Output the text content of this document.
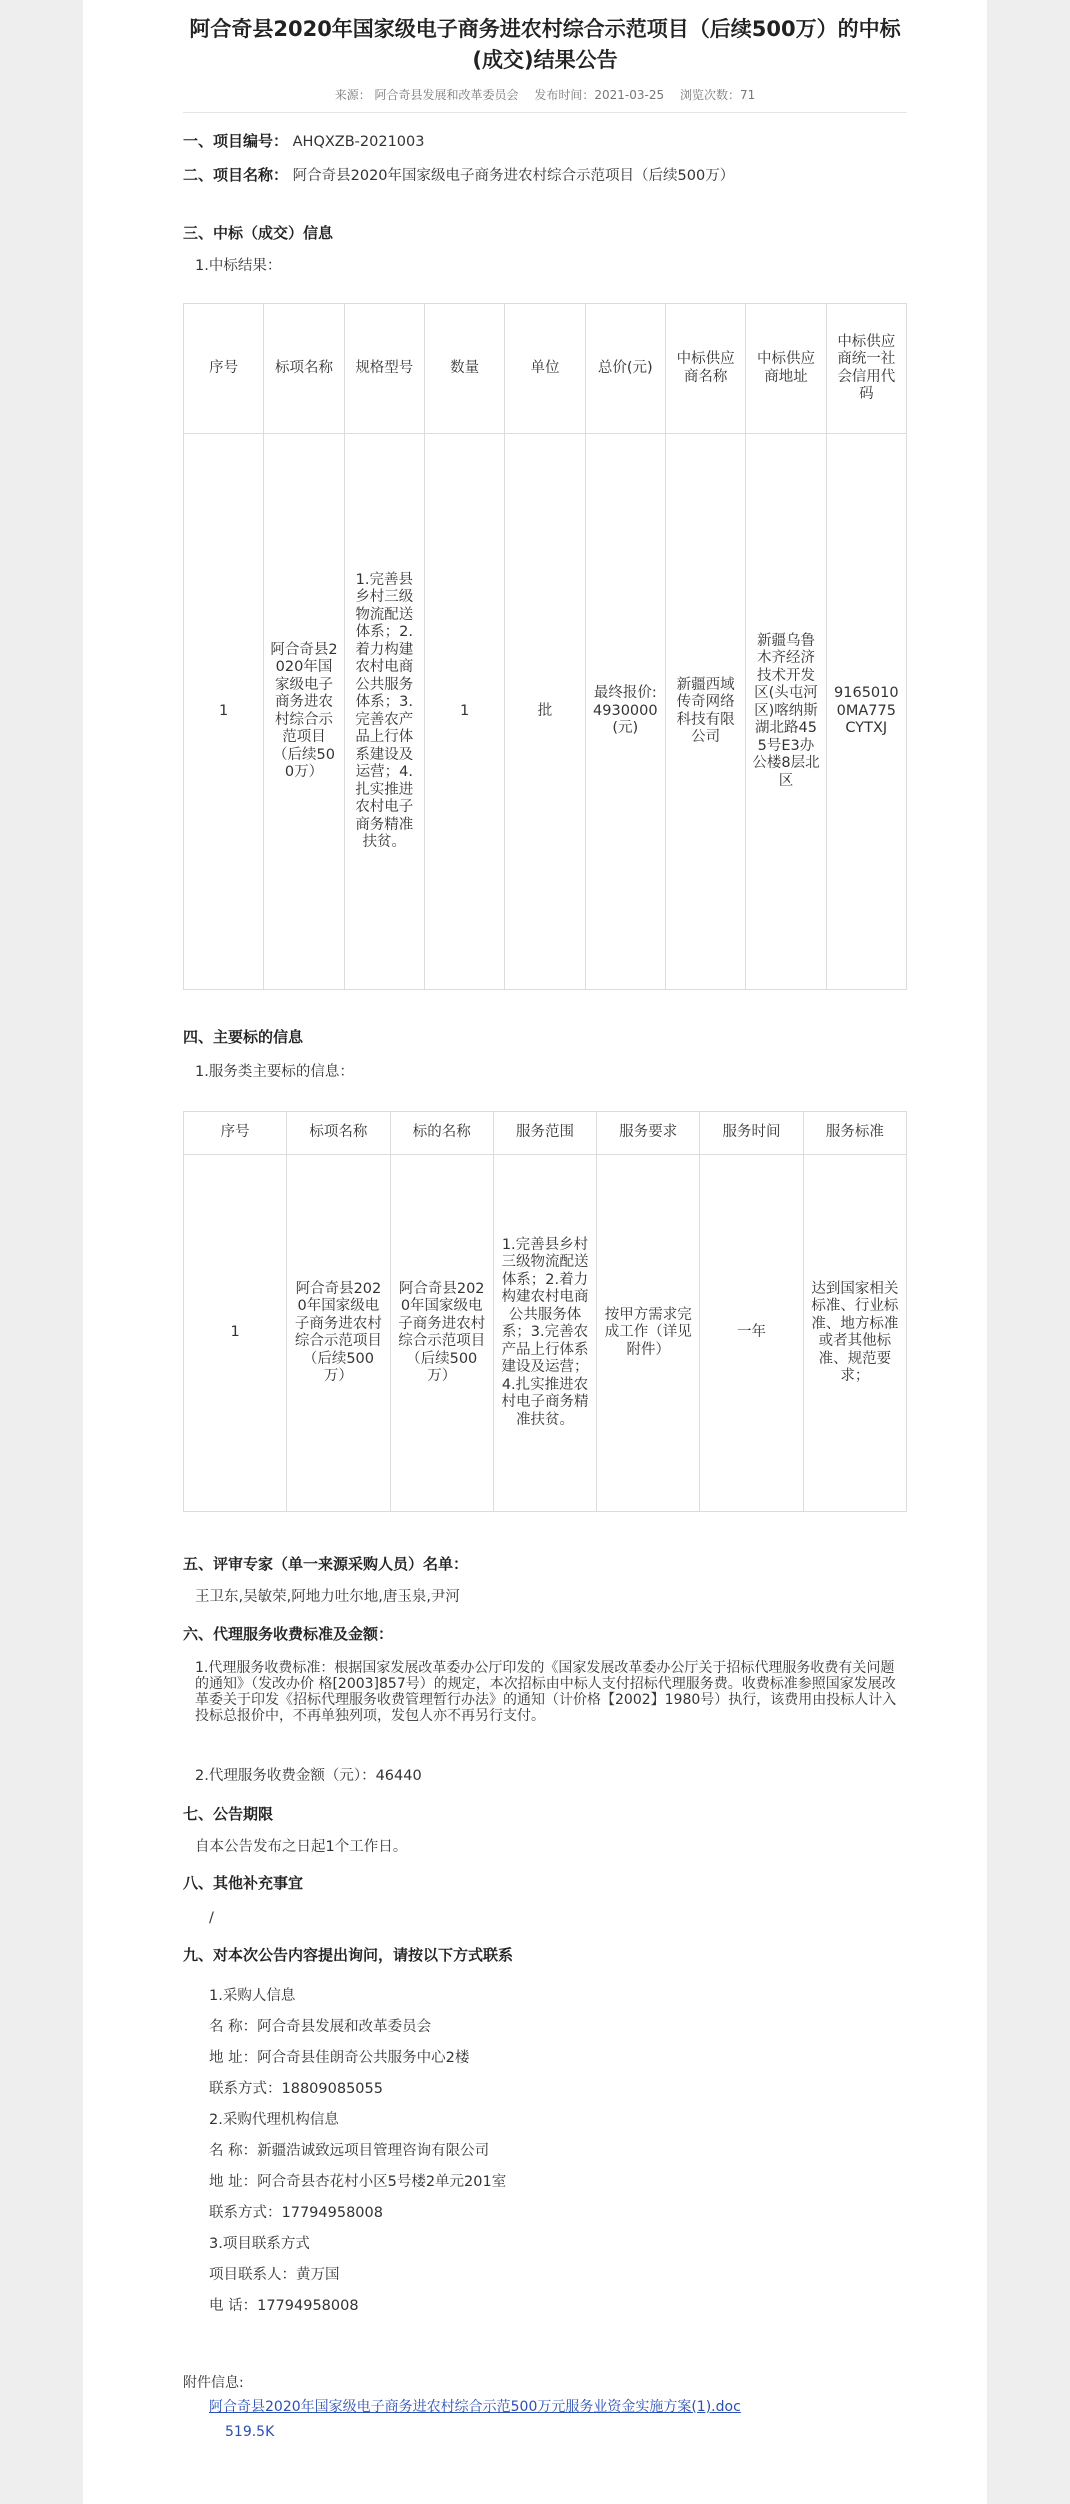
阿合奇县2020年国家级电子商务进农村综合示范项目（后续500万）的中标(成交)结果公告
来源： 阿合奇县发展和改革委员会 发布时间：2021-03-25 浏览次数：71
一、项目编号： AHQXZB-2021003
二、项目名称： 阿合奇县2020年国家级电子商务进农村综合示范项目（后续500万）
三、中标（成交）信息
1.中标结果：
序号	标项名称	规格型号	数量	单位	总价(元)	中标供应商名称	中标供应商地址	中标供应商统一社会信用代码
1	阿合奇县2020年国家级电子商务进农村综合示范项目（后续500万）	1.完善县乡村三级物流配送体系；2.着力构建农村电商公共服务体系；3.完善农产品上行体系建设及运营；4.扎实推进农村电子商务精准扶贫。	1	批	最终报价:4930000(元)	新疆西域传奇网络科技有限公司	新疆乌鲁木齐经济技术开发区(头屯河区)喀纳斯湖北路455号E3办公楼8层北区	91650100MA775CYTXJ
四、主要标的信息
1.服务类主要标的信息：
序号	标项名称	标的名称	服务范围	服务要求	服务时间	服务标准
1	阿合奇县2020年国家级电子商务进农村综合示范项目（后续500万）	阿合奇县2020年国家级电子商务进农村综合示范项目（后续500万）	1.完善县乡村三级物流配送体系；2.着力构建农村电商公共服务体系；3.完善农产品上行体系建设及运营；4.扎实推进农村电子商务精准扶贫。	按甲方需求完成工作（详见附件）	一年	达到国家相关标准、行业标准、地方标准或者其他标准、规范要求；
五、评审专家（单一来源采购人员）名单：
王卫东,吴敏荣,阿地力吐尔地,唐玉泉,尹河
六、代理服务收费标准及金额：
1.代理服务收费标准：根据国家发展改革委办公厅印发的《国家发展改革委办公厅关于招标代理服务收费有关问题的通知》（发改办价 格[2003]857号）的规定，本次招标由中标人支付招标代理服务费。收费标准参照国家发展改革委关于印发《招标代理服务收费管理暂行办法》的通知（计价格【2002】1980号）执行，该费用由投标人计入投标总报价中，不再单独列项，发包人亦不再另行支付。
2.代理服务收费金额（元）：46440
七、公告期限
自本公告发布之日起1个工作日。
八、其他补充事宜
/
九、对本次公告内容提出询问，请按以下方式联系
1.采购人信息
名 称：阿合奇县发展和改革委员会
地 址：阿合奇县佳朗奇公共服务中心2楼
联系方式：18809085055
2.采购代理机构信息
名 称：新疆浩诚致远项目管理咨询有限公司
地 址：阿合奇县杏花村小区5号楼2单元201室
联系方式：17794958008
3.项目联系方式
项目联系人：黄万国
电 话：17794958008
附件信息:
阿合奇县2020年国家级电子商务进农村综合示范500万元服务业资金实施方案(1).doc
519.5K
